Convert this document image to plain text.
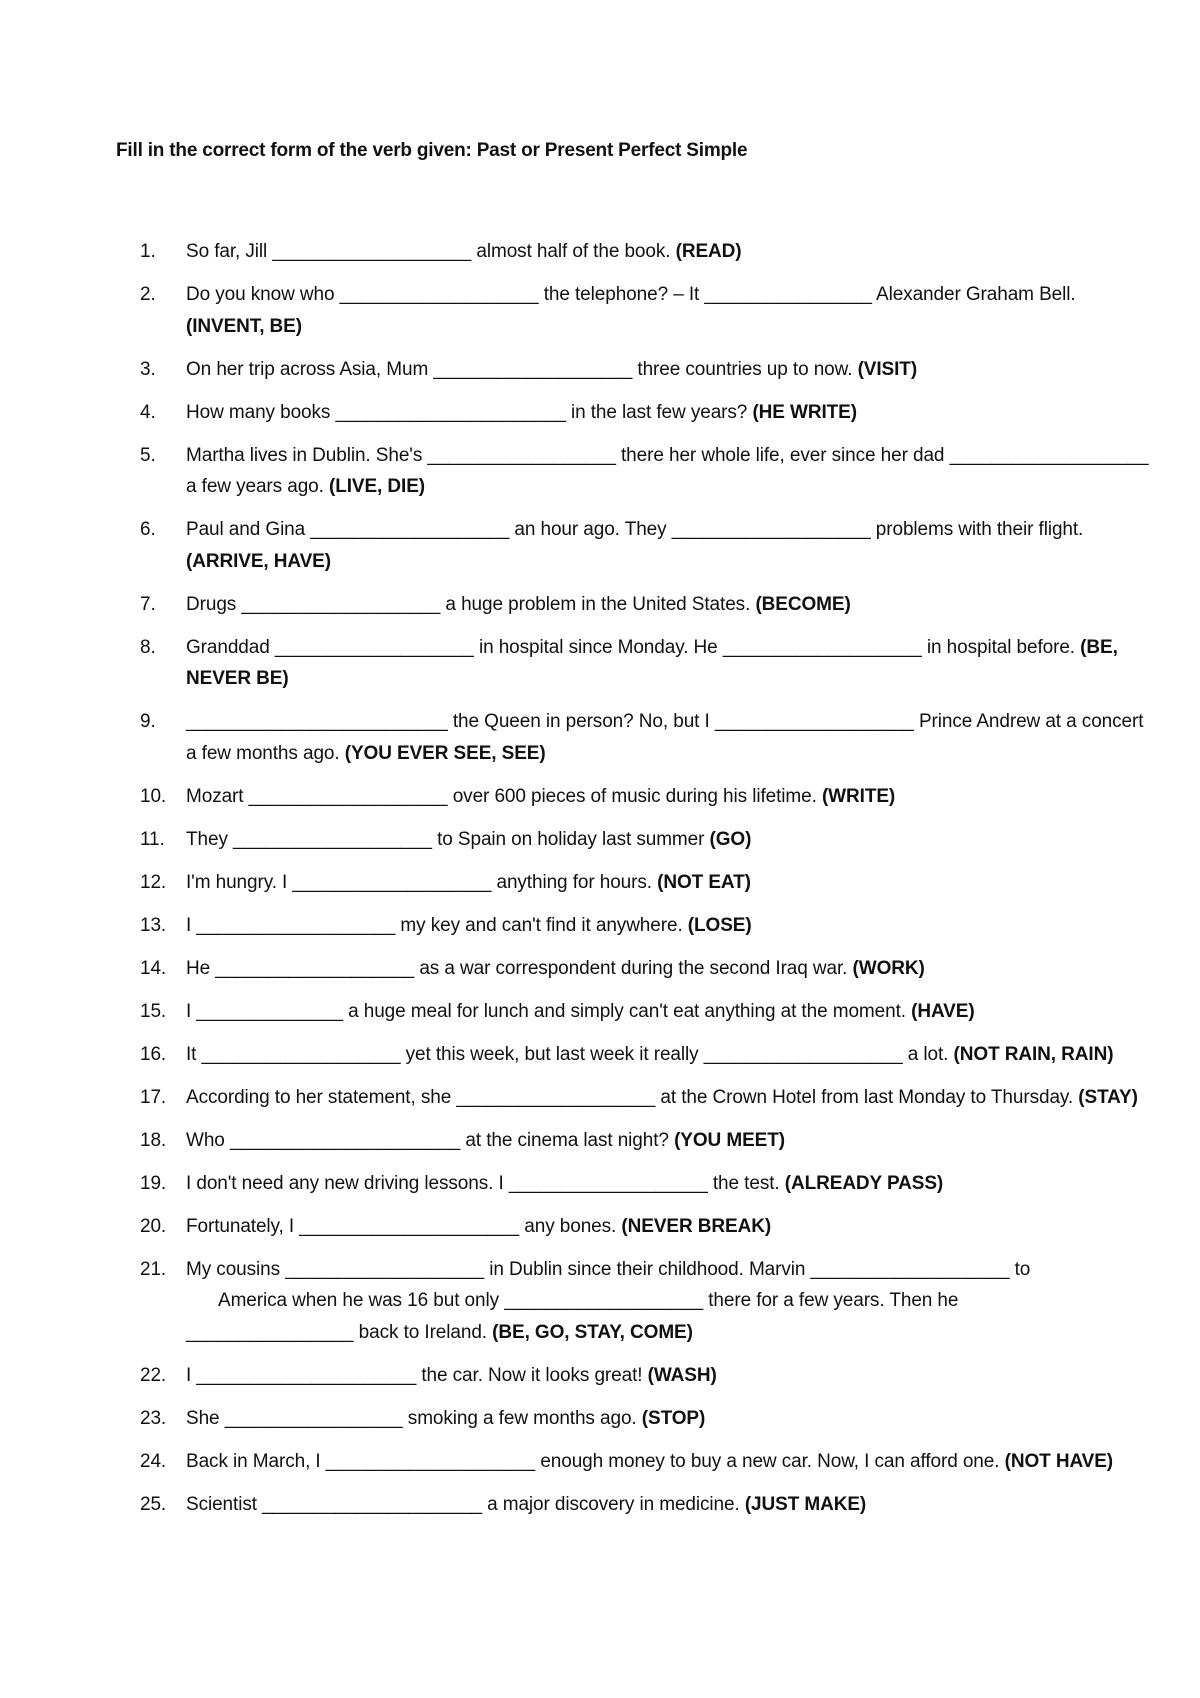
Fill in the correct form of the verb given: Past or Present Perfect Simple
1.	So far, Jill ___________________ almost half of the book. (READ)
2.	Do you know who ___________________ the telephone? – It ________________ Alexander Graham Bell. (INVENT, BE)
3.	On her trip across Asia, Mum ___________________ three countries up to now. (VISIT)
4.	How many books ______________________ in the last few years? (HE WRITE)
5.	Martha lives in Dublin. She's __________________ there her whole life, ever since her dad ___________________ a few years ago. (LIVE, DIE)
6.	Paul and Gina ___________________ an hour ago. They ___________________ problems with their flight. (ARRIVE, HAVE)
7.	Drugs ___________________ a huge problem in the United States. (BECOME)
8.	Granddad ___________________ in hospital since Monday. He ___________________ in hospital before. (BE, NEVER BE)
9.	_________________________ the Queen in person? No, but I ___________________ Prince Andrew at a concert a few months ago. (YOU EVER SEE, SEE)
10.	Mozart ___________________ over 600 pieces of music during his lifetime. (WRITE)
11.	They ___________________ to Spain on holiday last summer (GO)
12.	I'm hungry. I ___________________ anything for hours. (NOT EAT)
13.	I ___________________ my key and can't find it anywhere. (LOSE)
14.	He ___________________ as a war correspondent during the second Iraq war. (WORK)
15.	I ______________ a huge meal for lunch and simply can't eat anything at the moment. (HAVE)
16.	It ___________________ yet this week, but last week it really ___________________ a lot. (NOT RAIN, RAIN)
17.	According to her statement, she ___________________ at the Crown Hotel from last Monday to Thursday. (STAY)
18.	Who ______________________ at the cinema last night? (YOU MEET)
19.	I don't need any new driving lessons. I ___________________ the test. (ALREADY PASS)
20.	Fortunately, I _____________________ any bones. (NEVER BREAK)
21.	My cousins ___________________ in Dublin since their childhood. Marvin ___________________ to
America when he was 16 but only ___________________ there for a few years. Then he
________________ back to Ireland. (BE, GO, STAY, COME)
22.	I _____________________ the car. Now it looks great! (WASH)
23.	She _________________ smoking a few months ago. (STOP)
24.	Back in March, I ____________________ enough money to buy a new car. Now, I can afford one. (NOT HAVE)
25.	Scientist _____________________ a major discovery in medicine. (JUST MAKE)
